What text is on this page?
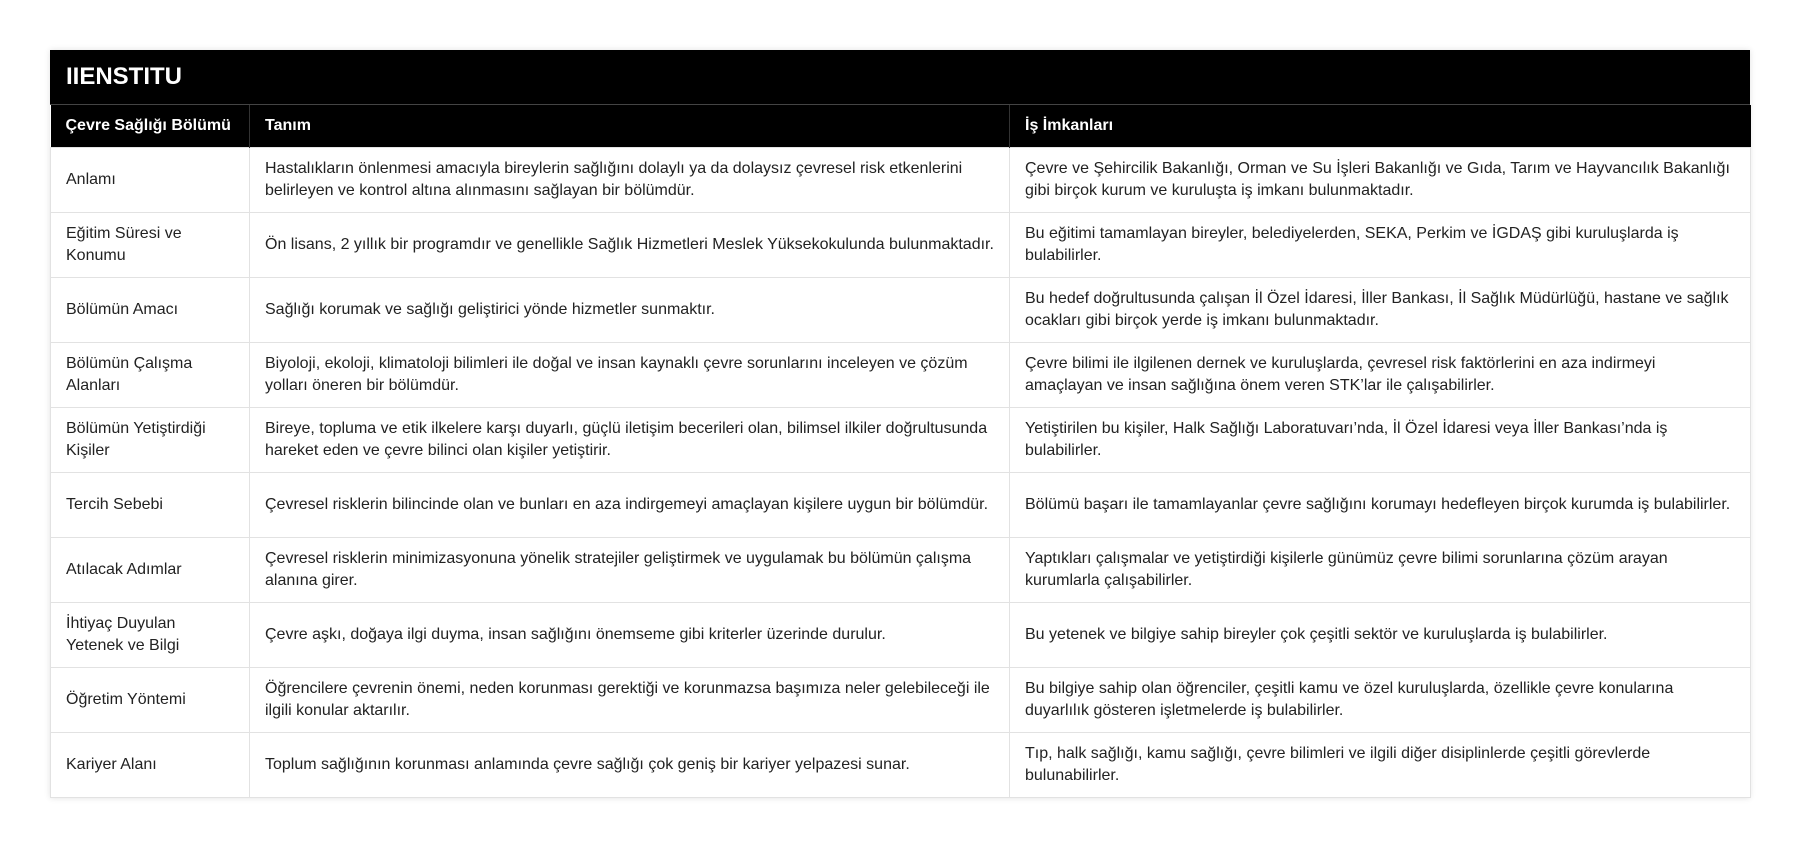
IIENSTITU
Çevre Sağlığı Bölümü	Tanım	İş İmkanları
Anlamı	Hastalıkların önlenmesi amacıyla bireylerin sağlığını dolaylı ya da dolaysız çevresel risk etkenlerini belirleyen ve kontrol altına alınmasını sağlayan bir bölümdür.	Çevre ve Şehircilik Bakanlığı, Orman ve Su İşleri Bakanlığı ve Gıda, Tarım ve Hayvancılık Bakanlığı gibi birçok kurum ve kuruluşta iş imkanı bulunmaktadır.
Eğitim Süresi ve Konumu	Ön lisans, 2 yıllık bir programdır ve genellikle Sağlık Hizmetleri Meslek Yüksekokulunda bulunmaktadır.	Bu eğitimi tamamlayan bireyler, belediyelerden, SEKA, Perkim ve İGDAŞ gibi kuruluşlarda iş bulabilirler.
Bölümün Amacı	Sağlığı korumak ve sağlığı geliştirici yönde hizmetler sunmaktır.	Bu hedef doğrultusunda çalışan İl Özel İdaresi, İller Bankası, İl Sağlık Müdürlüğü, hastane ve sağlık ocakları gibi birçok yerde iş imkanı bulunmaktadır.
Bölümün Çalışma Alanları	Biyoloji, ekoloji, klimatoloji bilimleri ile doğal ve insan kaynaklı çevre sorunlarını inceleyen ve çözüm yolları öneren bir bölümdür.	Çevre bilimi ile ilgilenen dernek ve kuruluşlarda, çevresel risk faktörlerini en aza indirmeyi amaçlayan ve insan sağlığına önem veren STK’lar ile çalışabilirler.
Bölümün Yetiştirdiği Kişiler	Bireye, topluma ve etik ilkelere karşı duyarlı, güçlü iletişim becerileri olan, bilimsel ilkiler doğrultusunda hareket eden ve çevre bilinci olan kişiler yetiştirir.	Yetiştirilen bu kişiler, Halk Sağlığı Laboratuvarı’nda, İl Özel İdaresi veya İller Bankası’nda iş bulabilirler.
Tercih Sebebi	Çevresel risklerin bilincinde olan ve bunları en aza indirgemeyi amaçlayan kişilere uygun bir bölümdür.	Bölümü başarı ile tamamlayanlar çevre sağlığını korumayı hedefleyen birçok kurumda iş bulabilirler.
Atılacak Adımlar	Çevresel risklerin minimizasyonuna yönelik stratejiler geliştirmek ve uygulamak bu bölümün çalışma alanına girer.	Yaptıkları çalışmalar ve yetiştirdiği kişilerle günümüz çevre bilimi sorunlarına çözüm arayan kurumlarla çalışabilirler.
İhtiyaç Duyulan Yetenek ve Bilgi	Çevre aşkı, doğaya ilgi duyma, insan sağlığını önemseme gibi kriterler üzerinde durulur.	Bu yetenek ve bilgiye sahip bireyler çok çeşitli sektör ve kuruluşlarda iş bulabilirler.
Öğretim Yöntemi	Öğrencilere çevrenin önemi, neden korunması gerektiği ve korunmazsa başımıza neler gelebileceği ile ilgili konular aktarılır.	Bu bilgiye sahip olan öğrenciler, çeşitli kamu ve özel kuruluşlarda, özellikle çevre konularına duyarlılık gösteren işletmelerde iş bulabilirler.
Kariyer Alanı	Toplum sağlığının korunması anlamında çevre sağlığı çok geniş bir kariyer yelpazesi sunar.	Tıp, halk sağlığı, kamu sağlığı, çevre bilimleri ve ilgili diğer disiplinlerde çeşitli görevlerde bulunabilirler.
